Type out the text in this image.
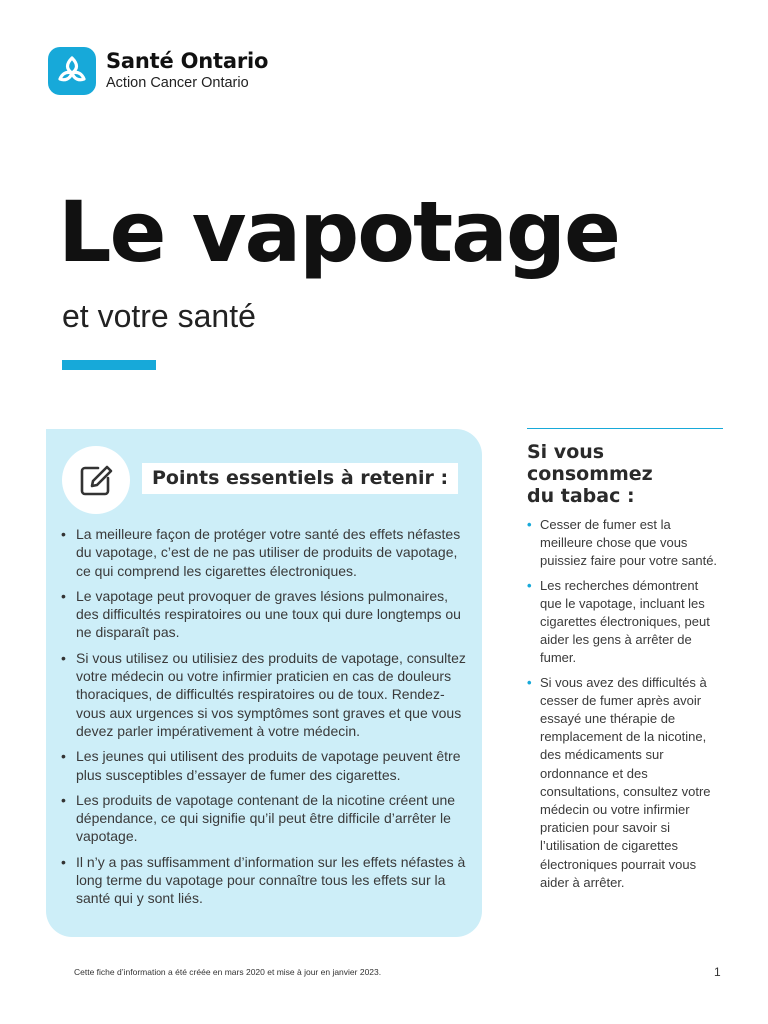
Santé Ontario
Action Cancer Ontario
Le vapotage
et votre santé
Points essentiels à retenir :
• La meilleure façon de protéger votre santé des effets néfastes du vapotage, c’est de ne pas utiliser de produits de vapotage, ce qui comprend les cigarettes électroniques.
• Le vapotage peut provoquer de graves lésions pulmonaires, des difficultés respiratoires ou une toux qui dure longtemps ou ne disparaît pas.
• Si vous utilisez ou utilisiez des produits de vapotage, consultez votre médecin ou votre infirmier praticien en cas de douleurs thoraciques, de difficultés respiratoires ou de toux. Rendez-vous aux urgences si vos symptômes sont graves et que vous devez parler impérativement à votre médecin.
• Les jeunes qui utilisent des produits de vapotage peuvent être plus susceptibles d’essayer de fumer des cigarettes.
• Les produits de vapotage contenant de la nicotine créent une dépendance, ce qui signifie qu’il peut être difficile d’arrêter le vapotage.
• Il n’y a pas suffisamment d’information sur les effets néfastes à long terme du vapotage pour connaître tous les effets sur la santé qui y sont liés.
Si vous
consommez
du tabac :
• Cesser de fumer est la meilleure chose que vous puissiez faire pour votre santé.
• Les recherches démontrent que le vapotage, incluant les cigarettes électroniques, peut aider les gens à arrêter de fumer.
• Si vous avez des difficultés à cesser de fumer après avoir essayé une thérapie de remplacement de la nicotine, des médicaments sur ordonnance et des consultations, consultez votre médecin ou votre infirmier praticien pour savoir si l’utilisation de cigarettes électroniques pourrait vous aider à arrêter.
Cette fiche d’information a été créée en mars 2020 et mise à jour en janvier 2023.	1
